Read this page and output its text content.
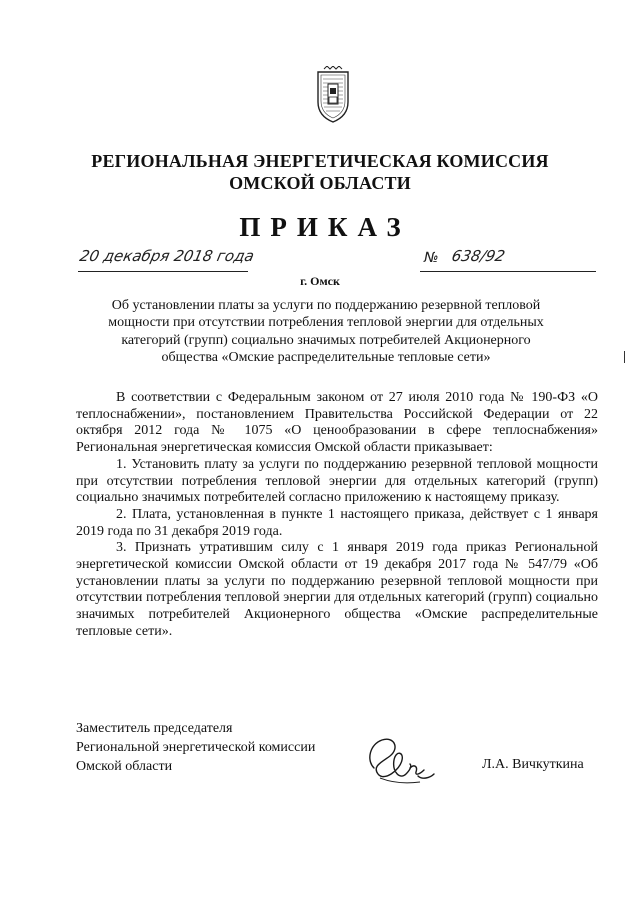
РЕГИОНАЛЬНАЯ ЭНЕРГЕТИЧЕСКАЯ КОМИССИЯ
ОМСКОЙ ОБЛАСТИ
ПРИКАЗ
20 декабря 2018 года	№ 638/92
г. Омск
Об установлении платы за услуги по поддержанию резервной тепловой мощности при отсутствии потребления тепловой энергии для отдельных категорий (групп) социально значимых потребителей Акционерного общества «Омские распределительные тепловые сети»

В соответствии с Федеральным законом от 27 июля 2010 года № 190-ФЗ «О теплоснабжении», постановлением Правительства Российской Федерации от 22 октября 2012 года № 1075 «О ценообразовании в сфере теплоснабжения» Региональная энергетическая комиссия Омской области приказывает:

1. Установить плату за услуги по поддержанию резервной тепловой мощности при отсутствии потребления тепловой энергии для отдельных категорий (групп) социально значимых потребителей согласно приложению к настоящему приказу.

2. Плата, установленная в пункте 1 настоящего приказа, действует с 1 января 2019 года по 31 декабря 2019 года.

3. Признать утратившим силу с 1 января 2019 года приказ Региональной энергетической комиссии Омской области от 19 декабря 2017 года № 547/79 «Об установлении платы за услуги по поддержанию резервной тепловой мощности при отсутствии потребления тепловой энергии для отдельных категорий (групп) социально значимых потребителей Акционерного общества «Омские распределительные тепловые сети».

Заместитель председателя
Региональной энергетической комиссии
Омской области	Л.А. Вичкуткина
